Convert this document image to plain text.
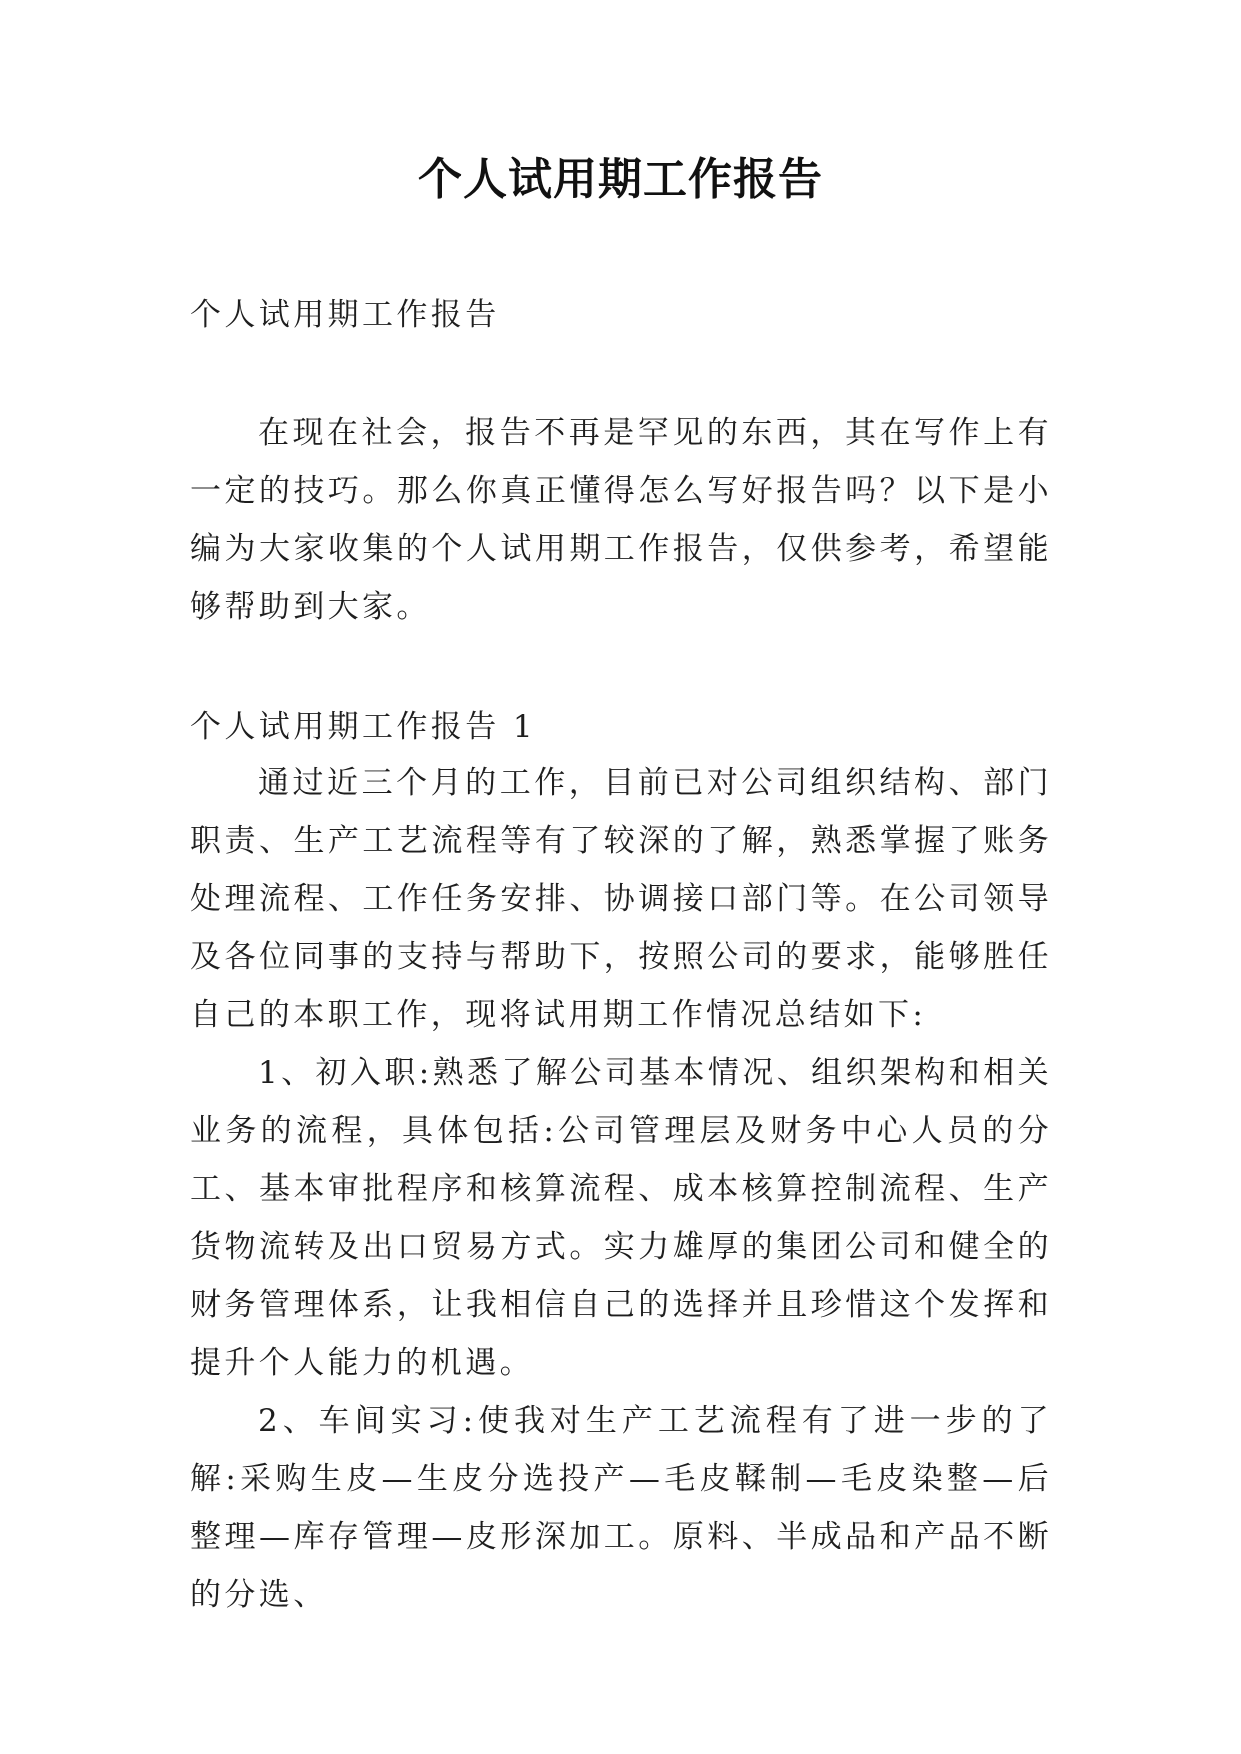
个人试用期工作报告
个人试用期工作报告
在现在社会，报告不再是罕见的东西，其在写作上有一定的技巧。那么你真正懂得怎么写好报告吗？以下是小编为大家收集的个人试用期工作报告，仅供参考，希望能够帮助到大家。
个人试用期工作报告 1

通过近三个月的工作，目前已对公司组织结构、部门职责、生产工艺流程等有了较深的了解，熟悉掌握了账务处理流程、工作任务安排、协调接口部门等。在公司领导及各位同事的支持与帮助下，按照公司的要求，能够胜任自己的本职工作，现将试用期工作情况总结如下:

1、初入职:熟悉了解公司基本情况、组织架构和相关业务的流程，具体包括:公司管理层及财务中心人员的分工、基本审批程序和核算流程、成本核算控制流程、生产货物流转及出口贸易方式。实力雄厚的集团公司和健全的财务管理体系，让我相信自己的选择并且珍惜这个发挥和提升个人能力的机遇。

2、车间实习:使我对生产工艺流程有了进一步的了解:采购生皮—生皮分选投产—毛皮鞣制—毛皮染整—后整理—库存管理—皮形深加工。原料、半成品和产品不断的分选、
